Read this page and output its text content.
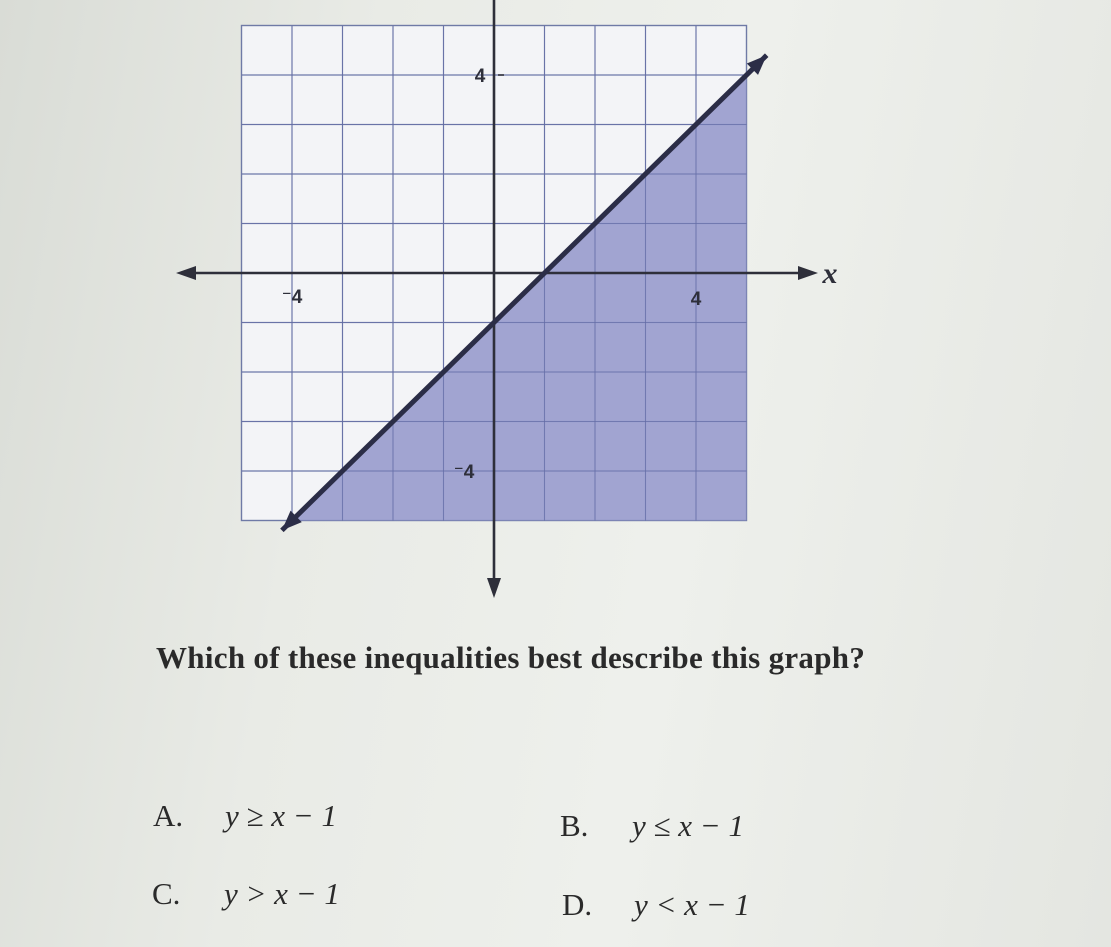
⁻4	4
4
⁻4
x

Which of these inequalities best describe this graph?

A.	y ≥ x − 1	B.	y ≤ x − 1
C.	y > x − 1	D.	y < x − 1
